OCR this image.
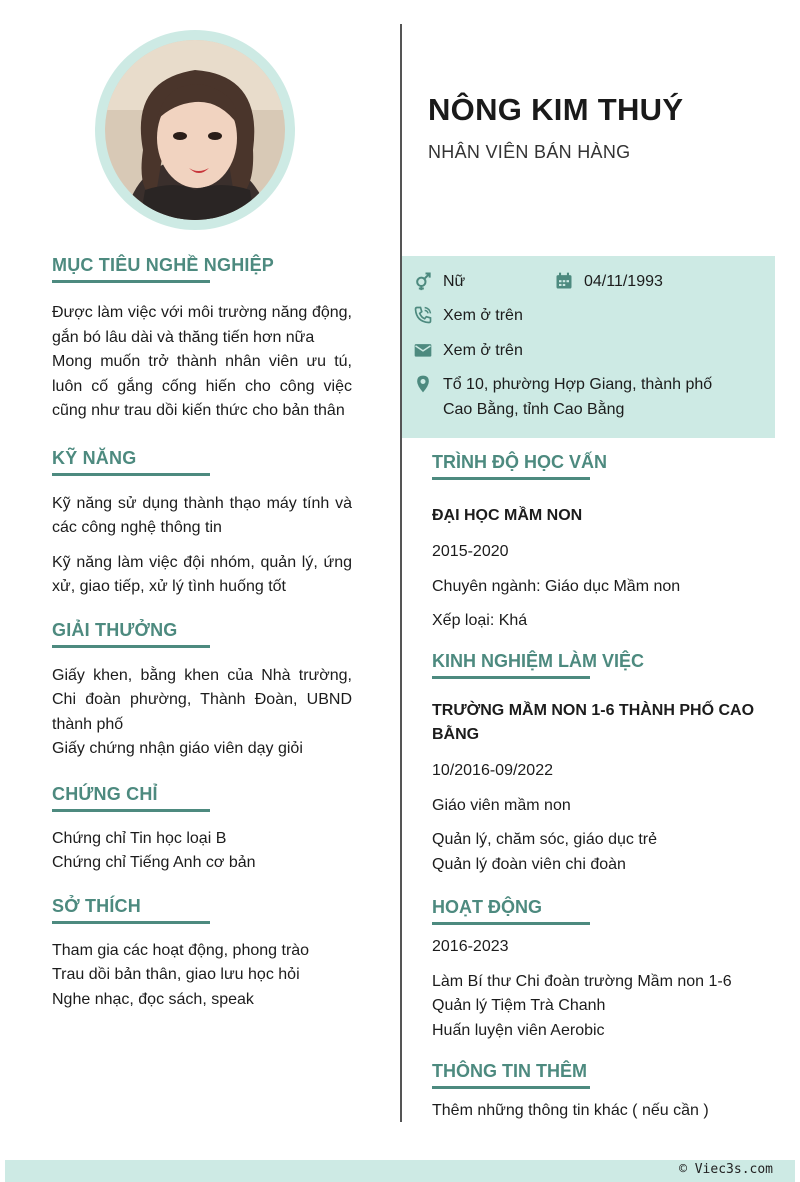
MỤC TIÊU NGHỀ NGHIỆP
Được làm việc với môi trường năng động, gắn bó lâu dài và thăng tiến hơn nữa
Mong muốn trở thành nhân viên ưu tú, luôn cố gắng cống hiến cho công việc cũng như trau dồi kiến thức cho bản thân
KỸ NĂNG
Kỹ năng sử dụng thành thạo máy tính và các công nghệ thông tin
Kỹ năng làm việc đội nhóm, quản lý, ứng xử, giao tiếp, xử lý tình huống tốt
GIẢI THƯỞNG
Giấy khen, bằng khen của Nhà trường, Chi đoàn phường, Thành Đoàn, UBND thành phố
Giấy chứng nhận giáo viên dạy giỏi
CHỨNG CHỈ
Chứng chỉ Tin học loại B
Chứng chỉ Tiếng Anh cơ bản
SỞ THÍCH
Tham gia các hoạt động, phong trào
Trau dồi bản thân, giao lưu học hỏi
Nghe nhạc, đọc sách, speak
NÔNG KIM THUÝ
NHÂN VIÊN BÁN HÀNG
Nữ	04/11/1993
Xem ở trên
Xem ở trên
Tổ 10, phường Hợp Giang, thành phố Cao Bằng, tỉnh Cao Bằng
TRÌNH ĐỘ HỌC VẤN
ĐẠI HỌC MẦM NON
2015-2020
Chuyên ngành: Giáo dục Mầm non
Xếp loại: Khá
KINH NGHIỆM LÀM VIỆC
TRƯỜNG MẦM NON 1-6 THÀNH PHỐ CAO BẰNG
10/2016-09/2022
Giáo viên mầm non
Quản lý, chăm sóc, giáo dục trẻ
Quản lý đoàn viên chi đoàn
HOẠT ĐỘNG
2016-2023
Làm Bí thư Chi đoàn trường Mầm non 1-6
Quản lý Tiệm Trà Chanh
Huấn luyện viên Aerobic
THÔNG TIN THÊM
Thêm những thông tin khác ( nếu cần )
© Viec3s.com
